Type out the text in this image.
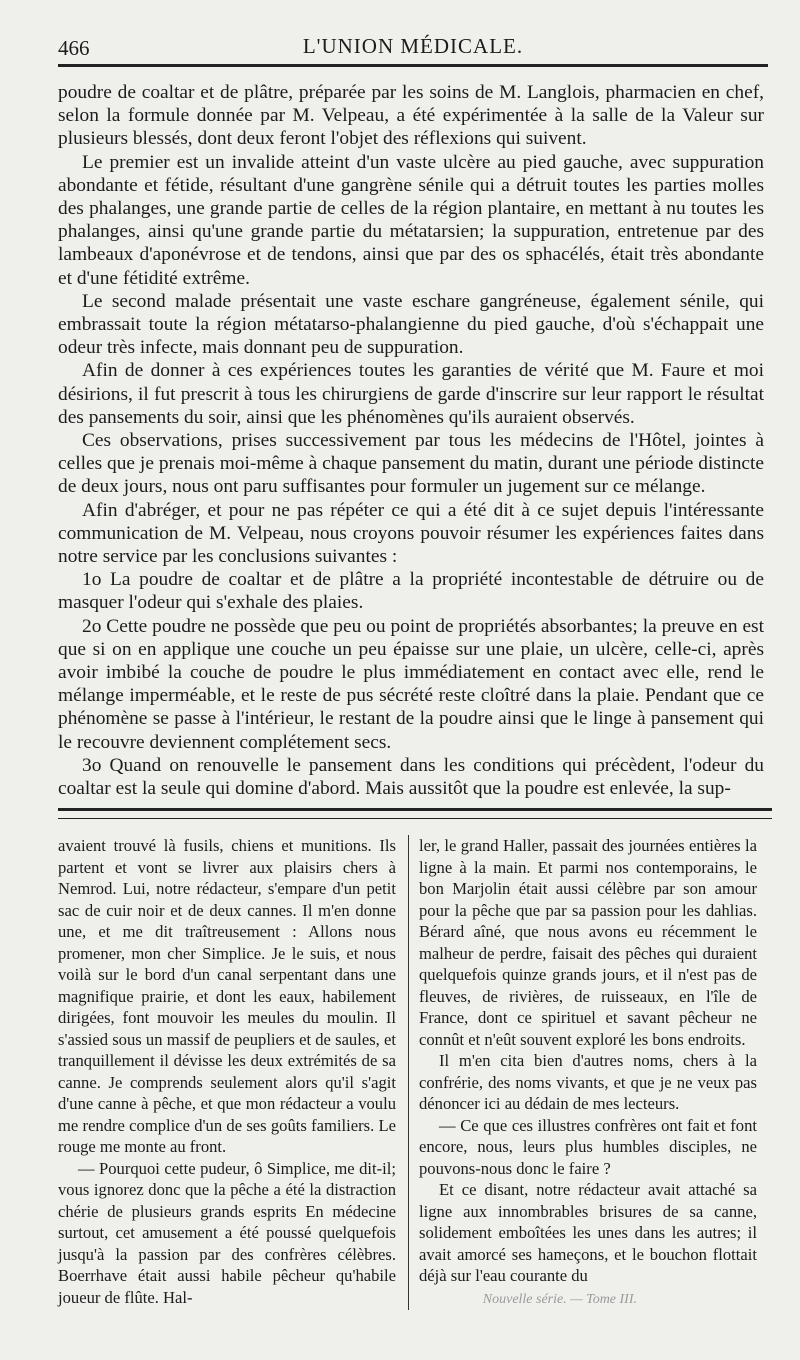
466	L'UNION MÉDICALE.

poudre de coaltar et de plâtre, préparée par les soins de M. Langlois, pharmacien en chef, selon la formule donnée par M. Velpeau, a été expérimentée à la salle de la Valeur sur plusieurs blessés, dont deux feront l'objet des réflexions qui suivent.

Le premier est un invalide atteint d'un vaste ulcère au pied gauche, avec suppuration abondante et fétide, résultant d'une gangrène sénile qui a détruit toutes les parties molles des phalanges, une grande partie de celles de la région plantaire, en mettant à nu toutes les phalanges, ainsi qu'une grande partie du métatarsien; la suppuration, entretenue par des lambeaux d'aponévrose et de tendons, ainsi que par des os sphacélés, était très abondante et d'une fétidité extrême.

Le second malade présentait une vaste eschare gangréneuse, également sénile, qui embrassait toute la région métatarso-phalangienne du pied gauche, d'où s'échappait une odeur très infecte, mais donnant peu de suppuration.

Afin de donner à ces expériences toutes les garanties de vérité que M. Faure et moi désirions, il fut prescrit à tous les chirurgiens de garde d'inscrire sur leur rapport le résultat des pansements du soir, ainsi que les phénomènes qu'ils auraient observés.

Ces observations, prises successivement par tous les médecins de l'Hôtel, jointes à celles que je prenais moi-même à chaque pansement du matin, durant une période distincte de deux jours, nous ont paru suffisantes pour formuler un jugement sur ce mélange.

Afin d'abréger, et pour ne pas répéter ce qui a été dit à ce sujet depuis l'intéressante communication de M. Velpeau, nous croyons pouvoir résumer les expériences faites dans notre service par les conclusions suivantes :

1o La poudre de coaltar et de plâtre a la propriété incontestable de détruire ou de masquer l'odeur qui s'exhale des plaies.

2o Cette poudre ne possède que peu ou point de propriétés absorbantes; la preuve en est que si on en applique une couche un peu épaisse sur une plaie, un ulcère, celle-ci, après avoir imbibé la couche de poudre le plus immédiatement en contact avec elle, rend le mélange imperméable, et le reste de pus sécrété reste cloîtré dans la plaie. Pendant que ce phénomène se passe à l'intérieur, le restant de la poudre ainsi que le linge à pansement qui le recouvre deviennent complétement secs.

3o Quand on renouvelle le pansement dans les conditions qui précèdent, l'odeur du coaltar est la seule qui domine d'abord. Mais aussitôt que la poudre est enlevée, la sup-

avaient trouvé là fusils, chiens et munitions. Ils partent et vont se livrer aux plaisirs chers à Nemrod. Lui, notre rédacteur, s'empare d'un petit sac de cuir noir et de deux cannes. Il m'en donne une, et me dit traîtreusement : Allons nous promener, mon cher Simplice. Je le suis, et nous voilà sur le bord d'un canal serpentant dans une magnifique prairie, et dont les eaux, habilement dirigées, font mouvoir les meules du moulin. Il s'assied sous un massif de peupliers et de saules, et tranquillement il dévisse les deux extrémités de sa canne. Je comprends seulement alors qu'il s'agit d'une canne à pêche, et que mon rédacteur a voulu me rendre complice d'un de ses goûts familiers. Le rouge me monte au front.

— Pourquoi cette pudeur, ô Simplice, me dit-il; vous ignorez donc que la pêche a été la distraction chérie de plusieurs grands esprits En médecine surtout, cet amusement a été poussé quelquefois jusqu'à la passion par des confrères célèbres. Boerrhave était aussi habile pêcheur qu'habile joueur de flûte. Hal-

ler, le grand Haller, passait des journées entières la ligne à la main. Et parmi nos contemporains, le bon Marjolin était aussi célèbre par son amour pour la pêche que par sa passion pour les dahlias. Bérard aîné, que nous avons eu récemment le malheur de perdre, faisait des pêches qui duraient quelquefois quinze grands jours, et il n'est pas de fleuves, de rivières, de ruisseaux, en l'île de France, dont ce spirituel et savant pêcheur ne connût et n'eût souvent exploré les bons endroits.

Il m'en cita bien d'autres noms, chers à la confrérie, des noms vivants, et que je ne veux pas dénoncer ici au dédain de mes lecteurs.

— Ce que ces illustres confrères ont fait et font encore, nous, leurs plus humbles disciples, ne pouvons-nous donc le faire ?

Et ce disant, notre rédacteur avait attaché sa ligne aux innombrables brisures de sa canne, solidement emboîtées les unes dans les autres; il avait amorcé ses hameçons, et le bouchon flottait déjà sur l'eau courante du

Nouvelle série. — Tome III.
